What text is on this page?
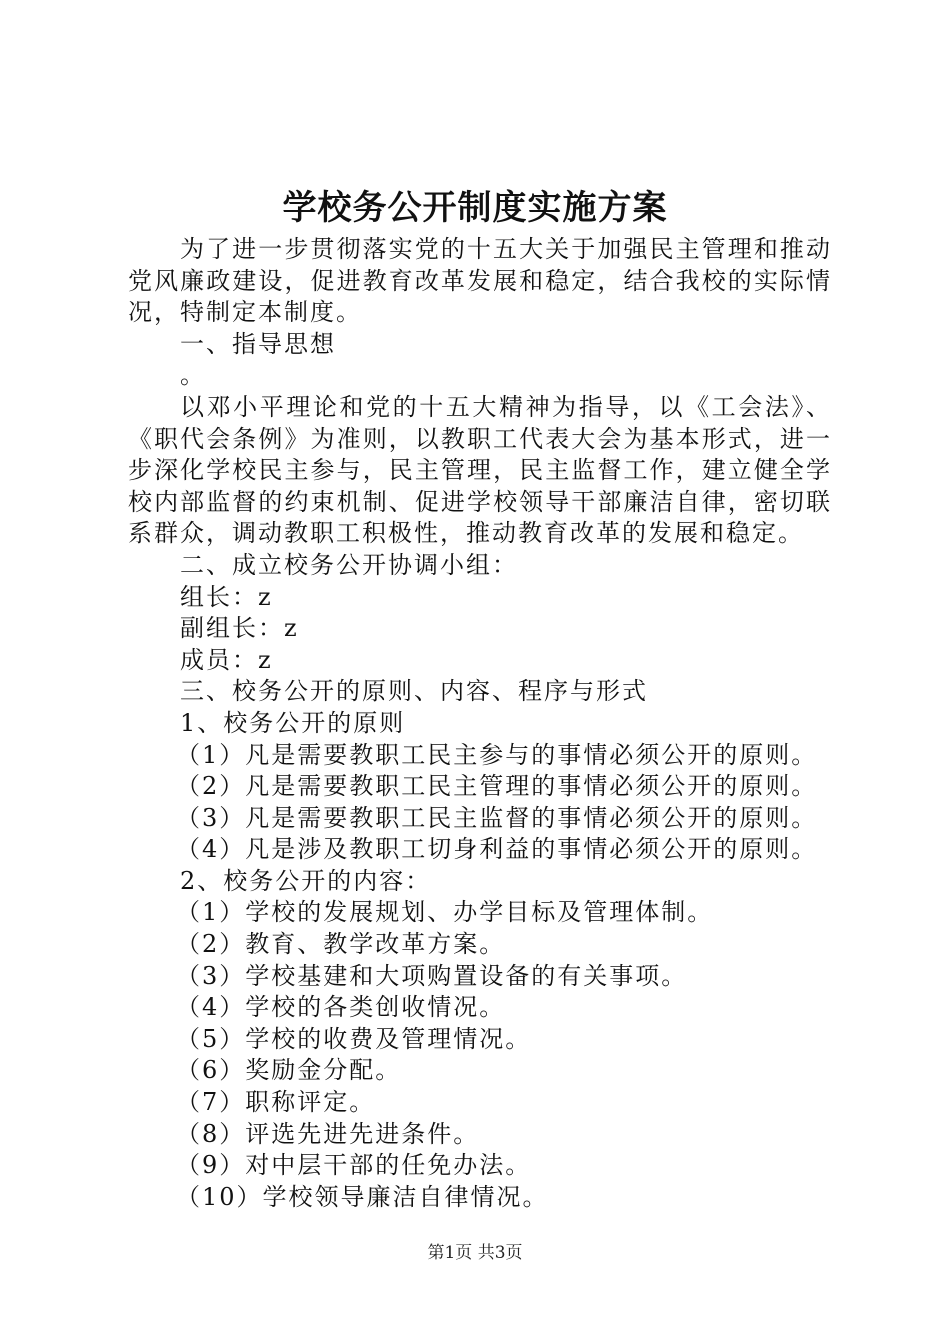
学校务公开制度实施方案

为了进一步贯彻落实党的十五大关于加强民主管理和推动党风廉政建设，促进教育改革发展和稳定，结合我校的实际情况，特制定本制度。

一、指导思想

。

以邓小平理论和党的十五大精神为指导，以《工会法》、《职代会条例》为准则，以教职工代表大会为基本形式，进一步深化学校民主参与，民主管理，民主监督工作，建立健全学校内部监督的约束机制、促进学校领导干部廉洁自律，密切联系群众，调动教职工积极性，推动教育改革的发展和稳定。

二、成立校务公开协调小组：

组长：z

副组长：z

成员：z

三、校务公开的原则、内容、程序与形式

1、校务公开的原则

（1）凡是需要教职工民主参与的事情必须公开的原则。

（2）凡是需要教职工民主管理的事情必须公开的原则。

（3）凡是需要教职工民主监督的事情必须公开的原则。

（4）凡是涉及教职工切身利益的事情必须公开的原则。

2、校务公开的内容：

（1）学校的发展规划、办学目标及管理体制。

（2）教育、教学改革方案。

（3）学校基建和大项购置设备的有关事项。

（4）学校的各类创收情况。

（5）学校的收费及管理情况。

（6）奖励金分配。

（7）职称评定。

（8）评选先进先进条件。

（9）对中层干部的任免办法。

（10）学校领导廉洁自律情况。

第1页 共3页
